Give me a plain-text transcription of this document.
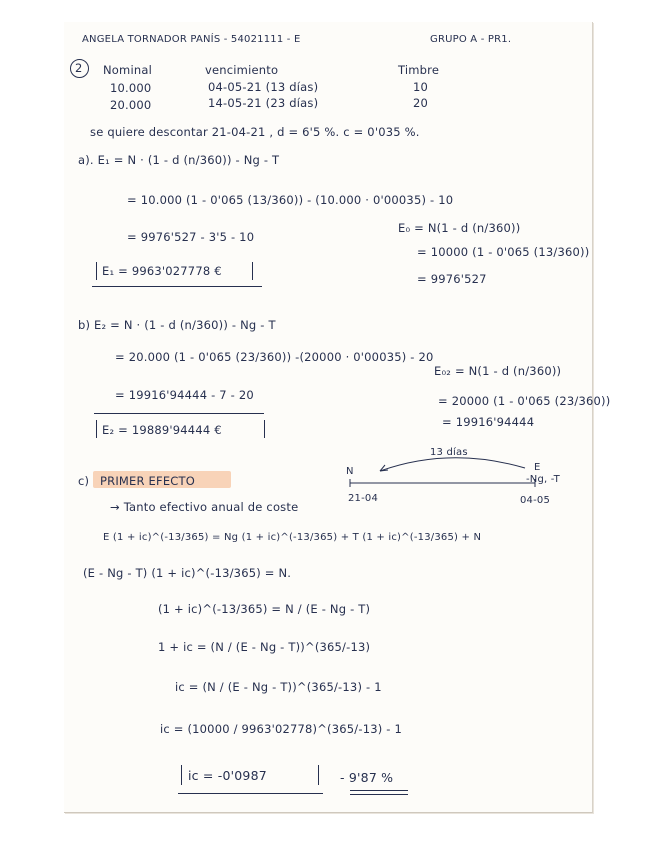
ANGELA TORNADOR PANÍS - 54021111 - E	GRUPO A - PR1.
2 Nominal	vencimiento	Timbre
10.000	04-05-21 (13 días)	10
20.000	14-05-21 (23 días)	20
se quiere descontar 21-04-21 , d = 6'5 %. c = 0'035 %.
a). E₁ = N · (1 - d (n/360)) - Ng - T
= 10.000 (1 - 0'065 (13/360)) - (10.000 · 0'00035) - 10
= 9976'527 - 3'5 - 10
E₀ = N(1 - d (n/360))
= 10000 (1 - 0'065 (13/360))
= 9976'527
E₁ = 9963'027778 €
b) E₂ = N · (1 - d (n/360)) - Ng - T
= 20.000 (1 - 0'065 (23/360)) -(20000 · 0'00035) - 20
= 19916'94444 - 7 - 20
E₀₂ = N(1 - d (n/360))
= 20000 (1 - 0'065 (23/360))
= 19916'94444
E₂ = 19889'94444 €
c) PRIMER EFECTO
13 días
N	E
-Ng, -T
21-04	04-05
→ Tanto efectivo anual de coste
E (1 + ic)^(-13/365) = Ng (1 + ic)^(-13/365) + T (1 + ic)^(-13/365) + N
(E - Ng - T) (1 + ic)^(-13/365) = N.
(1 + ic)^(-13/365) = N / (E - Ng - T)
1 + ic = (N / (E - Ng - T))^(365/-13)
ic = (N / (E - Ng - T))^(365/-13) - 1
ic = (10000 / 9963'02778)^(365/-13) - 1
ic = -0'0987	- 9'87 %
